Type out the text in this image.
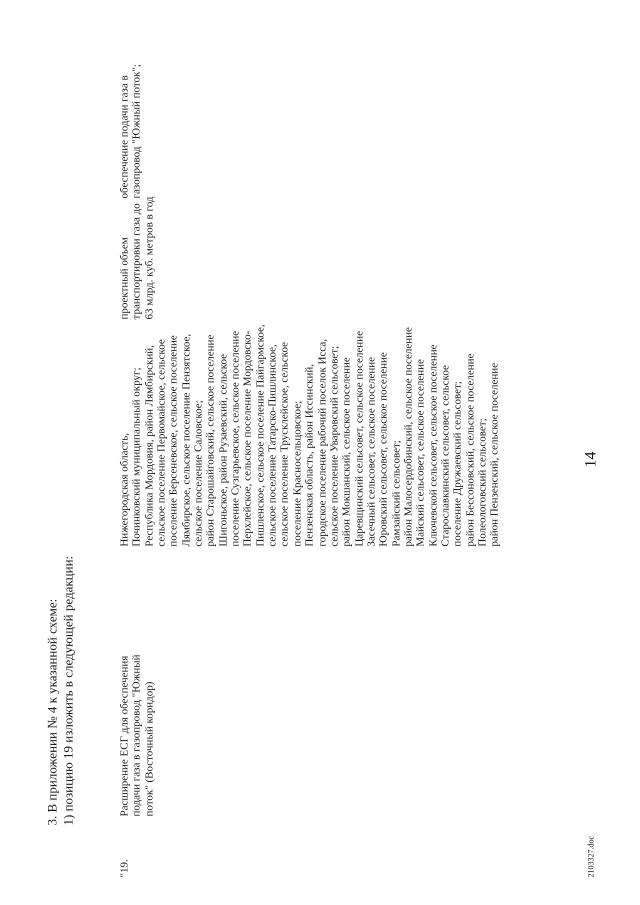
14
3. В приложении № 4 к указанной схеме: 1) позицию 19 изложить в следующей редакции:
"19.
Расширение ЕСГ для обеспечения подачи газа в газопровод "Южный поток" (Восточный коридор)
Нижегородская область, Починковский муниципальный округ; Республика Мордовия, район Лямбирский, сельское поселение Первомайское, сельское поселение Берсеневское, сельское поселение Лямбирское, сельское поселение Пензятское, сельское поселение Саловское; район Старошайговский, сельское поселение Шигоньское, район Рузаевский, сельское поселение Сузгарьевское, сельское поселение Перхлейское, сельское поселение Мордовско- Пишленское, сельское поселение Пайгармское, сельское поселение Татарско-Пишлинское, сельское поселение Трусклейское, сельское поселение Красносельцовское; Пензенская область, район Иссинский, городское поселение рабочий поселок Исса, сельское поселение Уваровский сельсовет; район Мокшанский, сельское поселение Царевщинский сельсовет, сельское поселение Засечный сельсовет, сельское поселение Юровский сельсовет, сельское поселение Рамзайский сельсовет; район Малосердобинский, сельское поселение Майский сельсовет, сельское поселение Ключевской сельсовет, сельское поселение Старославкинский сельсовет, сельское поселение Дружаевский сельсовет; район Бессоновский, сельское поселение Полеологовский сельсовет; район Пензенский, сельское поселение
проектный объем транспортировки газа до 63 млрд. куб. метров в год
обеспечение подачи газа в газопровод "Южный поток";
2103327.doc
